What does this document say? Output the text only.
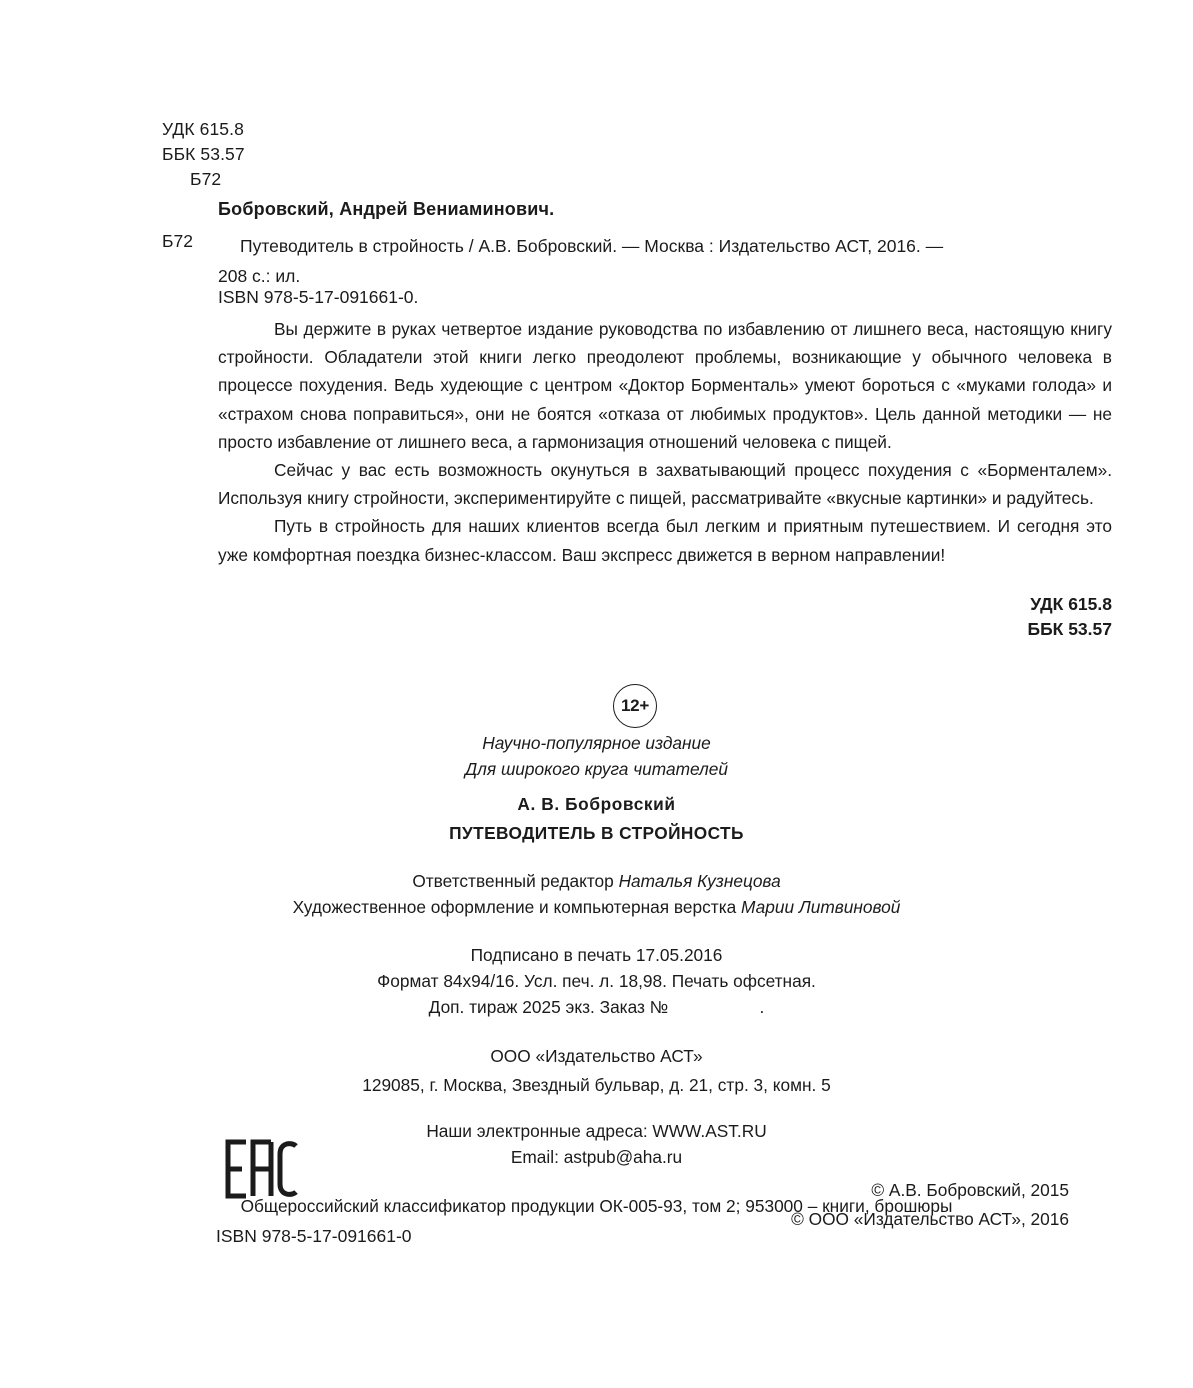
УДК 615.8
ББК 53.57
Б72
Бобровский, Андрей Вениаминович.
Б72	Путеводитель в стройность / А.В. Бобровский. — Москва : Издательство АСТ, 2016. —
208 с.: ил.
ISBN 978-5-17-091661-0.

Вы держите в руках четвертое издание руководства по избавлению от лишнего веса, настоящую книгу стройности. Обладатели этой книги легко преодолеют проблемы, возникающие у обычного человека в процессе похудения. Ведь худеющие с центром «Доктор Борменталь» умеют бороться с «муками голода» и «страхом снова поправиться», они не боятся «отказа от любимых продуктов». Цель данной методики — не просто избавление от лишнего веса, а гармонизация отношений человека с пищей.

Сейчас у вас есть возможность окунуться в захватывающий процесс похудения с «Борменталем». Используя книгу стройности, экспериментируйте с пищей, рассматривайте «вкусные картинки» и радуйтесь.

Путь в стройность для наших клиентов всегда был легким и приятным путешествием. И сегодня это уже комфортная поездка бизнес-классом. Ваш экспресс движется в верном направлении!

УДК 615.8
ББК 53.57
12+
Научно-популярное издание
Для широкого круга читателей
А. В. Бобровский
ПУТЕВОДИТЕЛЬ В СТРОЙНОСТЬ
Ответственный редактор Наталья Кузнецова
Художественное оформление и компьютерная верстка Марии Литвиновой
Подписано в печать 17.05.2016
Формат 84х94/16. Усл. печ. л. 18,98. Печать офсетная.
Доп. тираж 2025 экз. Заказ №	.
ООО «Издательство АСТ»
129085, г. Москва, Звездный бульвар, д. 21, стр. 3, комн. 5
Наши электронные адреса: WWW.AST.RU
Email: astpub@aha.ru
Общероссийский классификатор продукции ОК-005-93, том 2; 953000 – книги, брошюры
ISBN 978-5-17-091661-0
© А.В. Бобровский, 2015
© ООО «Издательство АСТ», 2016
